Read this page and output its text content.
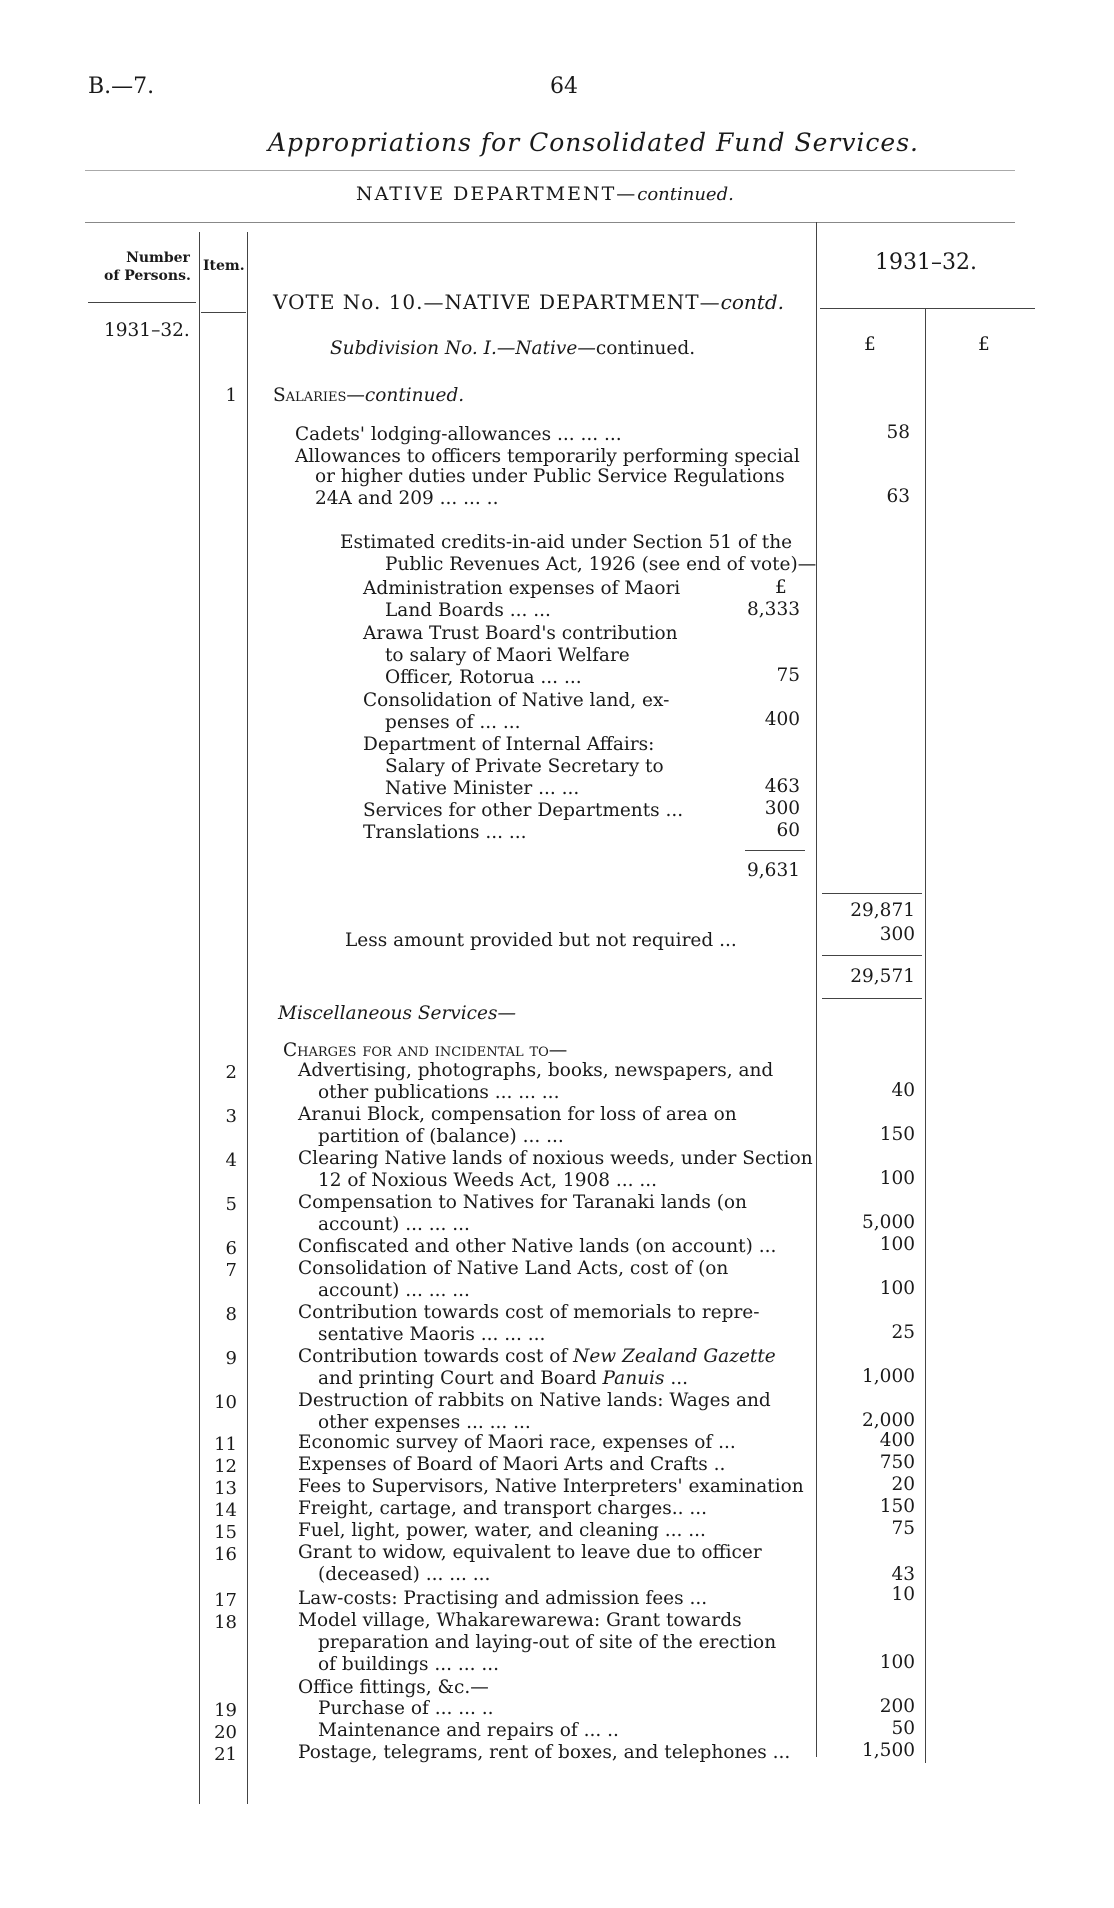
B.—7.	64
Appropriations for Consolidated Fund Services.
NATIVE DEPARTMENT—continued.
Number
of Persons.
Item.	1931–32.
1931–32.
VOTE No. 10.—NATIVE DEPARTMENT—contd.
Subdivision No. I.—Native—continued.	£	£
1 Salaries—continued.
Cadets' lodging-allowances ... ... ...	58
Allowances to officers temporarily performing special
or higher duties under Public Service Regulations
24A and 209 ... ... ..	63
Estimated credits-in-aid under Section 51 of the
Public Revenues Act, 1926 (see end of vote)—
£
Administration expenses of Maori
Land Boards ... ...	8,333
Arawa Trust Board's contribution
to salary of Maori Welfare
Officer, Rotorua ... ...	75
Consolidation of Native land, ex-
penses of ... ...	400
Department of Internal Affairs:
Salary of Private Secretary to
Native Minister ... ...	463
Services for other Departments ...	300
Translations ... ...	60
9,631
29,871
Less amount provided but not required ...	300
29,571
Miscellaneous Services—
Charges for and incidental to—
2	Advertising, photographs, books, newspapers, and
other publications ... ... ...	40
3	Aranui Block, compensation for loss of area on
partition of (balance) ... ...	150
4	Clearing Native lands of noxious weeds, under Section
12 of Noxious Weeds Act, 1908 ... ...	100
5	Compensation to Natives for Taranaki lands (on
account) ... ... ...	5,000
6	Confiscated and other Native lands (on account) ...	100
7	Consolidation of Native Land Acts, cost of (on
account) ... ... ...	100
8	Contribution towards cost of memorials to repre-
sentative Maoris ... ... ...	25
9	Contribution towards cost of New Zealand Gazette
and printing Court and Board Panuis ...	1,000
10	Destruction of rabbits on Native lands: Wages and
other expenses ... ... ...	2,000
11	Economic survey of Maori race, expenses of ...	400
12	Expenses of Board of Maori Arts and Crafts ..	750
13	Fees to Supervisors, Native Interpreters' examination	20
14	Freight, cartage, and transport charges.. ...	150
15	Fuel, light, power, water, and cleaning ... ...	75
16	Grant to widow, equivalent to leave due to officer
(deceased) ... ... ...	43
17	Law-costs: Practising and admission fees ...	10
18	Model village, Whakarewarewa: Grant towards
preparation and laying-out of site of the erection
of buildings ... ... ...	100
Office fittings, &c.—
19	Purchase of ... ... ..	200
20	Maintenance and repairs of ... ..	50
21	Postage, telegrams, rent of boxes, and telephones ...	1,500
